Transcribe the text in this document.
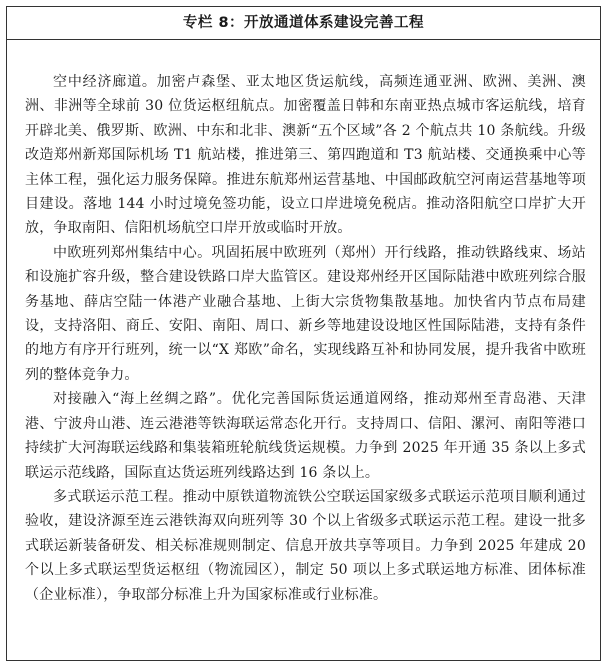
专栏 8：开放通道体系建设完善工程

空中经济廊道。加密卢森堡、亚太地区货运航线，高频连通亚洲、欧洲、美洲、澳洲、非洲等全球前 30 位货运枢纽航点。加密覆盖日韩和东南亚热点城市客运航线，培育开辟北美、俄罗斯、欧洲、中东和北非、澳新“五个区域”各 2 个航点共 10 条航线。升级改造郑州新郑国际机场 T1 航站楼，推进第三、第四跑道和 T3 航站楼、交通换乘中心等主体工程，强化运力服务保障。推进东航郑州运营基地、中国邮政航空河南运营基地等项目建设。落地 144 小时过境免签功能，设立口岸进境免税店。推动洛阳航空口岸扩大开放，争取南阳、信阳机场航空口岸开放或临时开放。

中欧班列郑州集结中心。巩固拓展中欧班列（郑州）开行线路，推动铁路线束、场站和设施扩容升级，整合建设铁路口岸大监管区。建设郑州经开区国际陆港中欧班列综合服务基地、薛店空陆一体港产业融合基地、上街大宗货物集散基地。加快省内节点布局建设，支持洛阳、商丘、安阳、南阳、周口、新乡等地建设设地区性国际陆港，支持有条件的地方有序开行班列，统一以“X 郑欧”命名，实现线路互补和协同发展，提升我省中欧班列的整体竞争力。

对接融入“海上丝绸之路”。优化完善国际货运通道网络，推动郑州至青岛港、天津港、宁波舟山港、连云港港等铁海联运常态化开行。支持周口、信阳、漯河、南阳等港口持续扩大河海联运线路和集装箱班轮航线货运规模。力争到 2025 年开通 35 条以上多式联运示范线路，国际直达货运班列线路达到 16 条以上。

多式联运示范工程。推动中原铁道物流铁公空联运国家级多式联运示范项目顺利通过验收，建设济源至连云港铁海双向班列等 30 个以上省级多式联运示范工程。建设一批多式联运新装备研发、相关标准规则制定、信息开放共享等项目。力争到 2025 年建成 20 个以上多式联运型货运枢纽（物流园区），制定 50 项以上多式联运地方标准、团体标准（企业标准），争取部分标准上升为国家标准或行业标准。
